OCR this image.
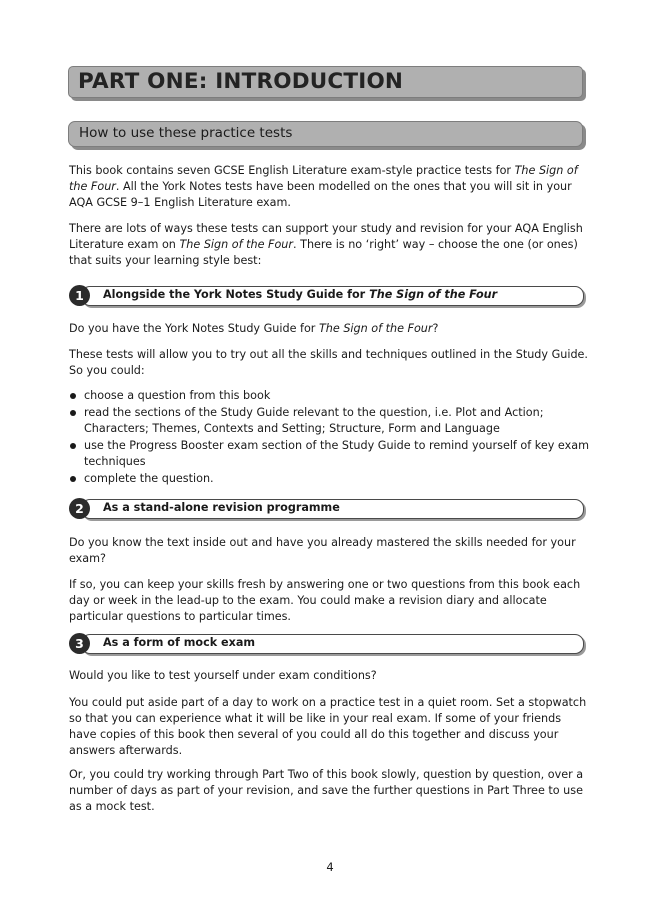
PART ONE: INTRODUCTION
How to use these practice tests

This book contains seven GCSE English Literature exam-style practice tests for The Sign of the Four. All the York Notes tests have been modelled on the ones that you will sit in your AQA GCSE 9–1 English Literature exam.

There are lots of ways these tests can support your study and revision for your AQA English Literature exam on The Sign of the Four. There is no ‘right’ way – choose the one (or ones) that suits your learning style best:

1	Alongside the York Notes Study Guide for The Sign of the Four

Do you have the York Notes Study Guide for The Sign of the Four?

These tests will allow you to try out all the skills and techniques outlined in the Study Guide. So you could:

choose a question from this book
read the sections of the Study Guide relevant to the question, i.e. Plot and Action; Characters; Themes, Contexts and Setting; Structure, Form and Language
use the Progress Booster exam section of the Study Guide to remind yourself of key exam techniques
complete the question.
2	As a stand-alone revision programme

Do you know the text inside out and have you already mastered the skills needed for your exam?

If so, you can keep your skills fresh by answering one or two questions from this book each day or week in the lead-up to the exam. You could make a revision diary and allocate particular questions to particular times.

3	As a form of mock exam

Would you like to test yourself under exam conditions?

You could put aside part of a day to work on a practice test in a quiet room. Set a stopwatch so that you can experience what it will be like in your real exam. If some of your friends have copies of this book then several of you could all do this together and discuss your answers afterwards.

Or, you could try working through Part Two of this book slowly, question by question, over a number of days as part of your revision, and save the further questions in Part Three to use as a mock test.

4
